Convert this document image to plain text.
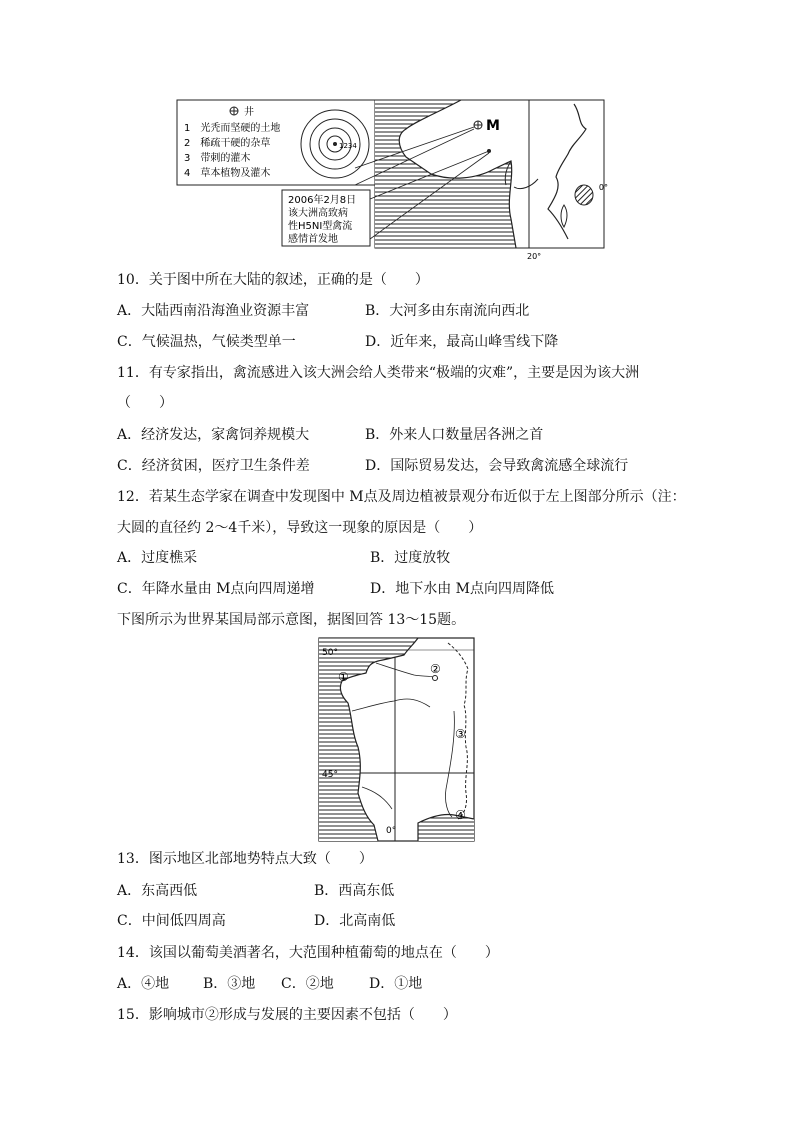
井
1　光秃而坚硬的土地
2　稀疏干硬的杂草
3　带刺的灌木
4　草本植物及灌木
1234
M
2006年2月8日
该大洲高致病
性H5NI型禽流
感情首发地
0°
20°
10．关于图中所在大陆的叙述，正确的是（　　）
A．大陆西南沿海渔业资源丰富	B．大河多由东南流向西北
C．气候温热，气候类型单一	D．近年来，最高山峰雪线下降
11．有专家指出，禽流感进入该大洲会给人类带来“极端的灾难”，主要是因为该大洲
（　　）
A．经济发达，家禽饲养规模大	B．外来人口数量居各洲之首
C．经济贫困，医疗卫生条件差	D．国际贸易发达，会导致禽流感全球流行
12．若某生态学家在调查中发现图中 M点及周边植被景观分布近似于左上图部分所示（注：
大圆的直径约 2～4千米），导致这一现象的原因是（　　）
A．过度樵采	B．过度放牧
C．年降水量由 M点向四周递增	D．地下水由 M点向四周降低
下图所示为世界某国局部示意图，据图回答 13～15题。
50°
45°
0°
①
②
③
④
13．图示地区北部地势特点大致（　　）
A．东高西低	B．西高东低
C．中间低四周高	D．北高南低
14．该国以葡萄美酒著名，大范围种植葡萄的地点在（　　）
A．④地 B．③地 C．②地	D．①地
15．影响城市②形成与发展的主要因素不包括（　　）
